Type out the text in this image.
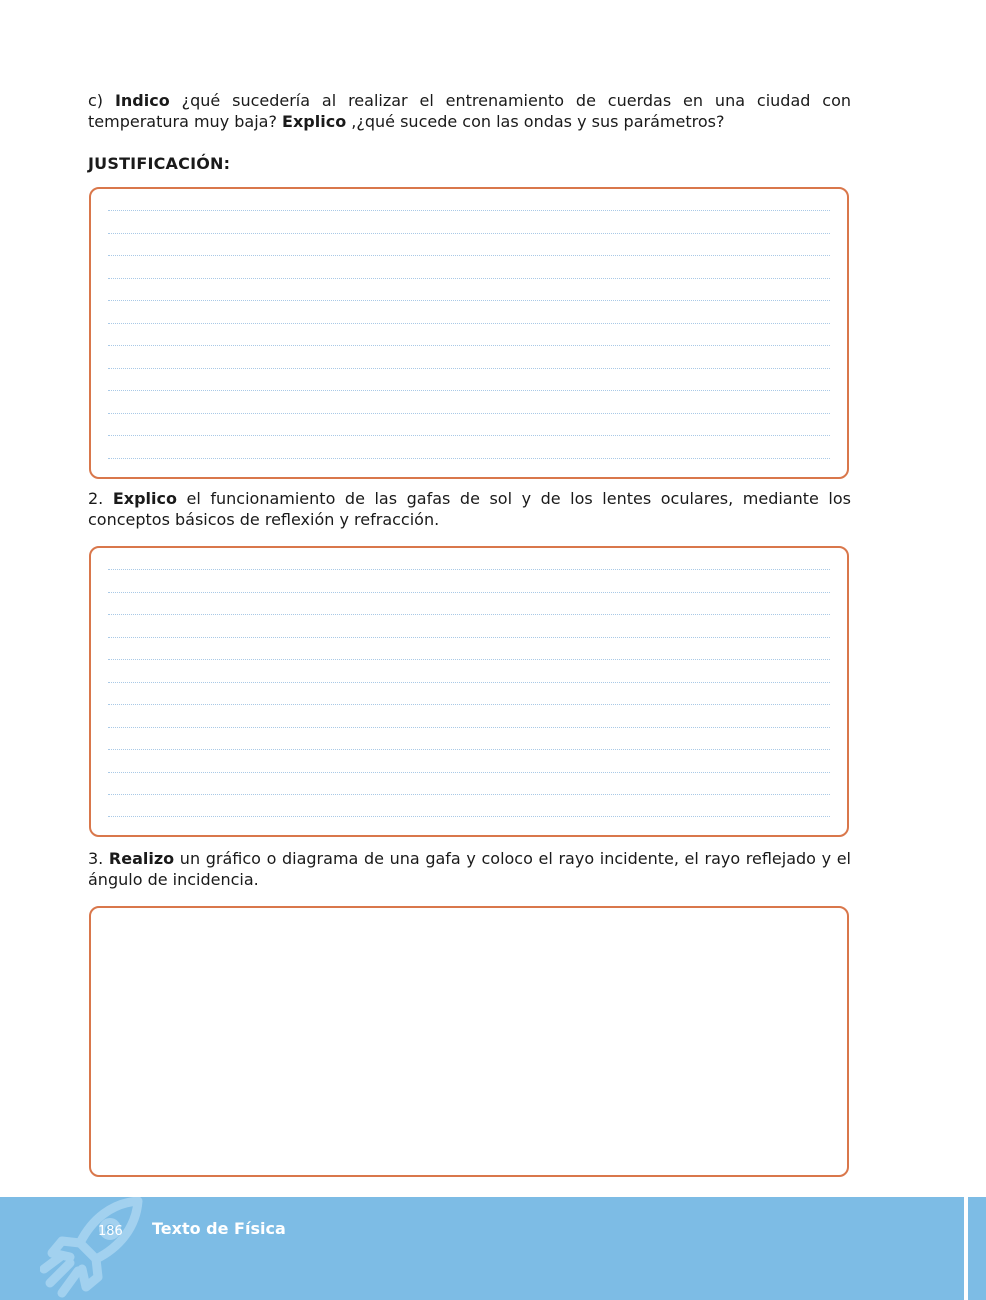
c) Indico ¿qué sucedería al realizar el entrenamiento de cuerdas en una ciudad con temperatura muy baja? Explico ,¿qué sucede con las ondas y sus parámetros?

JUSTIFICACIÓN:

2. Explico el funcionamiento de las gafas de sol y de los lentes oculares, mediante los conceptos básicos de reflexión y refracción.

3. Realizo un gráfico o diagrama de una gafa y coloco el rayo incidente, el rayo reflejado y el ángulo de incidencia.

186 Texto de Física
